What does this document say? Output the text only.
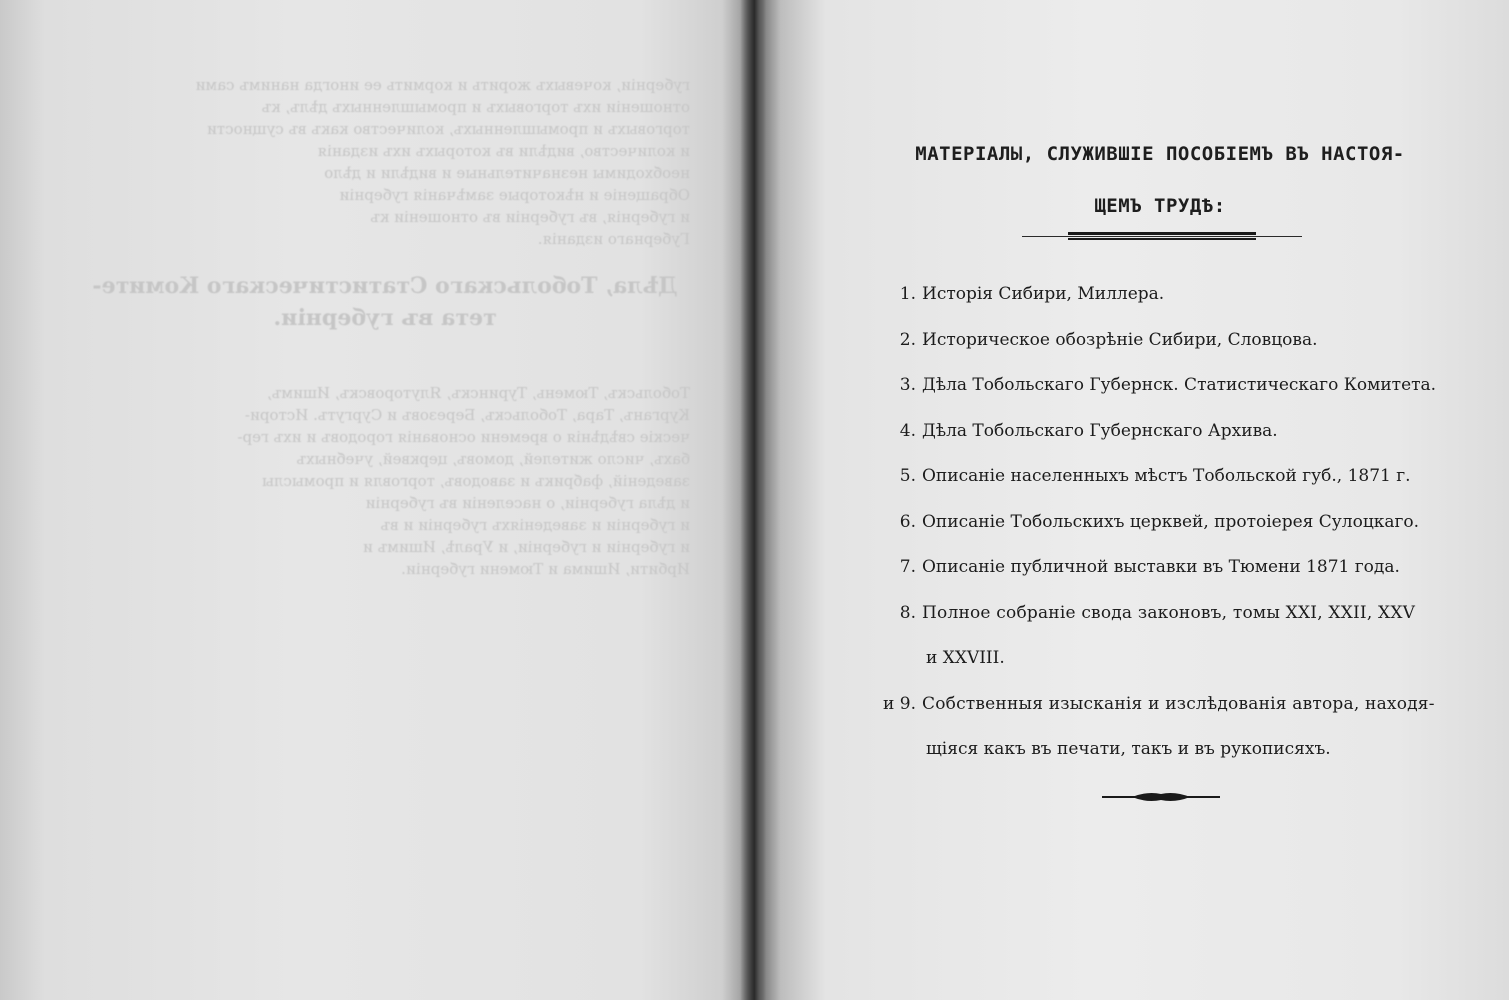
губерніи, кочевыхъ жорить и кормить ее иногда нанимъ сами
отношеніи ихъ торговыхъ и промышленныхъ дѣлъ, къ
торговыхъ и промышленныхъ, количество какъ въ сущности
и количество, видѣли въ которыхъ ихъ изданія
необходимы незначительные и видѣли и дѣло
Обращеніе и нѣкоторые замѣчанія губерніи
и губернія, въ губерніи въ отношеніи къ
Губернаго изданія.
Дѣла, Тобольскаго Статистическаго Комите-
тета въ губерніи.
Тобольскъ, Тюмень, Туринскъ, Ялуторовскъ, Ишимъ,
Курганъ, Тара, Тобольскъ, Березовъ и Сургутъ. Истори-
ческіе свѣдѣнія о времени основанія городовъ и ихъ гер-
бахъ, число жителей, домовъ, церквей, учебныхъ
заведеній, фабрикъ и заводовъ, торговля и промыслы
и дѣла губерніи, о населеніи въ губерніи
и губерніи и заведеніяхъ губерніи и въ
и губерніи и губерніи, и Уралѣ, Ишимъ и
Ирбити, Ишима и Тюмени губерніи.
МАТЕРІАЛЫ, СЛУЖИВШІЕ ПОСОБІЕМЪ ВЪ НАСТОЯ-
ЩЕМЪ ТРУДѢ:
1. Исторія Сибири, Миллера.
2. Историческое обозрѣніе Сибири, Словцова.
3. Дѣла Тобольскаго Губернск. Статистическаго Комитета.
4. Дѣла Тобольскаго Губернскаго Архива.
5. Описаніе населенныхъ мѣстъ Тобольской губ., 1871 г.
6. Описаніе Тобольскихъ церквей, протоіерея Сулоцкаго.
7. Описаніе публичной выставки въ Тюмени 1871 года.
8. Полное собраніе свода законовъ, томы XXI, XXII, XXV
и XXVIII.
и 9. Собственныя изысканія и изслѣдованія автора, находя-
щіяся какъ въ печати, такъ и въ рукописяхъ.
